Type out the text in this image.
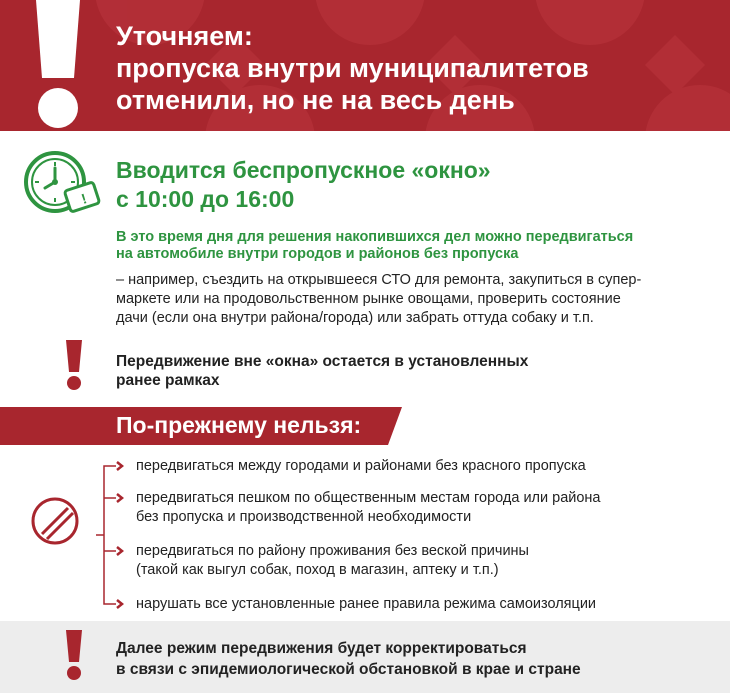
Уточняем:
пропуска внутри муниципалитетов
отменили, но не на весь день
!
Вводится беспропускное «окно»
с 10:00 до 16:00
В это время дня для решения накопившихся дел можно передвигаться
на автомобиле внутри городов и районов без пропуска
– например, съездить на открывшееся СТО для ремонта, закупиться в супер-
маркете или на продовольственном рынке овощами, проверить состояние
дачи (если она внутри района/города) или забрать оттуда собаку и т.п.
Передвижение вне «окна» остается в установленных
ранее рамках
По-прежнему нельзя:
передвигаться между городами и районами без красного пропуска
передвигаться пешком по общественным местам города или района
без пропуска и производственной необходимости
передвигаться по району проживания без веской причины
(такой как выгул собак, поход в магазин, аптеку и т.п.)
нарушать все установленные ранее правила режима самоизоляции
Далее режим передвижения будет корректироваться
в связи с эпидемиологической обстановкой в крае и стране
